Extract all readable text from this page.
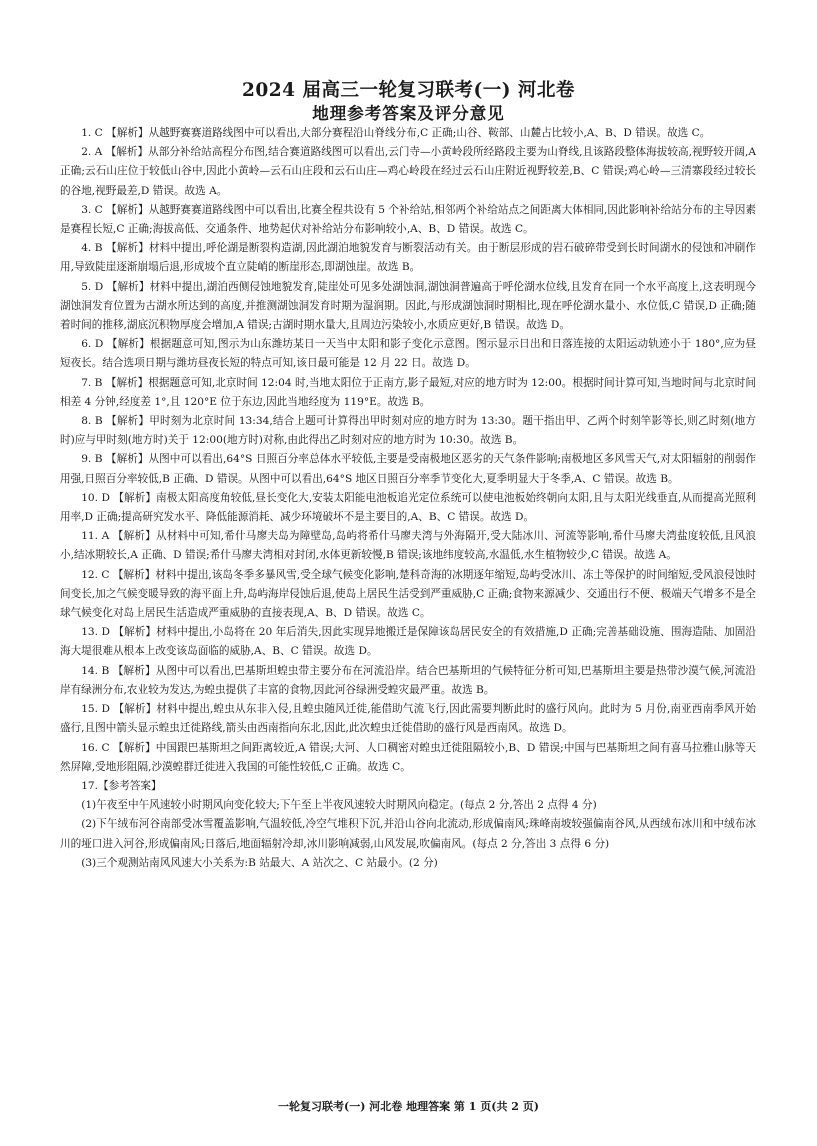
2024 届高三一轮复习联考(一) 河北卷
地理参考答案及评分意见

1. C 【解析】从越野赛赛道路线图中可以看出,大部分赛程沿山脊线分布,C 正确;山谷、鞍部、山麓占比较小,A、B、D 错误。故选 C。

2. A 【解析】从部分补给站高程分布图,结合赛道路线图可以看出,云门寺—小黄岭段所经路段主要为山脊线,且该路段整体海拔较高,视野较开阔,A 正确;云石山庄位于较低山谷中,因此小黄岭—云石山庄段和云石山庄—鸡心岭段在经过云石山庄附近视野较差,B、C 错误;鸡心岭—三清寨段经过较长的谷地,视野最差,D 错误。故选 A。

3. C 【解析】从越野赛赛道路线图中可以看出,比赛全程共设有 5 个补给站,相邻两个补给站点之间距离大体相同,因此影响补给站分布的主导因素是赛程长短,C 正确;海拔高低、交通条件、地势起伏对补给站分布影响较小,A、B、D 错误。故选 C。

4. B 【解析】材料中提出,呼伦湖是断裂构造湖,因此湖泊地貌发育与断裂活动有关。由于断层形成的岩石破碎带受到长时间湖水的侵蚀和冲刷作用,导致陡崖逐渐崩塌后退,形成坡个直立陡峭的断崖形态,即湖蚀崖。故选 B。

5. D 【解析】材料中提出,湖泊西侧侵蚀地貌发育,陡崖处可见多处湖蚀洞,湖蚀洞普遍高于呼伦湖水位线,且发育在同一个水平高度上,这表明现今湖蚀洞发育位置为古湖水所达到的高度,并推测湖蚀洞发育时期为湿润期。因此,与形成湖蚀洞时期相比,现在呼伦湖水量小、水位低,C 错误,D 正确;随着时间的推移,湖底沉积物厚度会增加,A 错误;古湖时期水量大,且周边污染较小,水质应更好,B 错误。故选 D。

6. D 【解析】根据题意可知,图示为山东潍坊某日一天当中太阳和影子变化示意图。图示显示日出和日落连接的太阳运动轨迹小于 180°,应为昼短夜长。结合选项日期与潍坊昼夜长短的特点可知,该日最可能是 12 月 22 日。故选 D。

7. B 【解析】根据题意可知,北京时间 12:04 时,当地太阳位于正南方,影子最短,对应的地方时为 12:00。根据时间计算可知,当地时间与北京时间相差 4 分钟,经度差 1°,且 120°E 位于东边,因此当地经度为 119°E。故选 B。

8. B 【解析】甲时刻为北京时间 13:34,结合上题可计算得出甲时刻对应的地方时为 13:30。题干指出甲、乙两个时刻竿影等长,则乙时刻(地方时)应与甲时刻(地方时)关于 12:00(地方时)对称,由此得出乙时刻对应的地方时为 10:30。故选 B。

9. B 【解析】从图中可以看出,64°S 日照百分率总体水平较低,主要是受南极地区恶劣的天气条件影响;南极地区多风雪天气,对太阳辐射的削弱作用强,日照百分率较低,B 正确、D 错误。从图中可以看出,64°S 地区日照百分率季节变化大,夏季明显大于冬季,A、C 错误。故选 B。

10. D 【解析】南极太阳高度角较低,昼长变化大,安装太阳能电池板追光定位系统可以使电池板始终朝向太阳,且与太阳光线垂直,从而提高光照利用率,D 正确;提高研究发水平、降低能源消耗、减少环境破坏不是主要目的,A、B、C 错误。故选 D。

11. A 【解析】从材料中可知,希什马廖夫岛为障壁岛,岛屿将希什马廖夫湾与外海隔开,受大陆冰川、河流等影响,希什马廖夫湾盐度较低,且风浪小,结冰期较长,A 正确、D 错误;希什马廖夫湾相对封闭,水体更新较慢,B 错误;该地纬度较高,水温低,水生植物较少,C 错误。故选 A。

12. C 【解析】材料中提出,该岛冬季多暴风雪,受全球气候变化影响,楚科奇海的冰期逐年缩短,岛屿受冰川、冻土等保护的时间缩短,受风浪侵蚀时间变长,加之气候变暖导致的海平面上升,岛屿海岸侵蚀后退,使岛上居民生活受到严重威胁,C 正确;食物来源减少、交通出行不便、极端天气增多不是全球气候变化对岛上居民生活造成严重威胁的直接表现,A、B、D 错误。故选 C。

13. D 【解析】材料中提出,小岛将在 20 年后消失,因此实现异地搬迁是保障该岛居民安全的有效措施,D 正确;完善基础设施、围海造陆、加固沿海大堤很难从根本上改变该岛面临的威胁,A、B、C 错误。故选 D。

14. B 【解析】从图中可以看出,巴基斯坦蝗虫带主要分布在河流沿岸。结合巴基斯坦的气候特征分析可知,巴基斯坦主要是热带沙漠气候,河流沿岸有绿洲分布,农业较为发达,为蝗虫提供了丰富的食物,因此河谷绿洲受蝗灾最严重。故选 B。

15. D 【解析】材料中提出,蝗虫从东非入侵,且蝗虫随风迁徙,能借助气流飞行,因此需要判断此时的盛行风向。此时为 5 月份,南亚西南季风开始盛行,且图中箭头显示蝗虫迁徙路线,箭头由西南指向东北,因此,此次蝗虫迁徙借助的盛行风是西南风。故选 D。

16. C 【解析】中国跟巴基斯坦之间距离较近,A 错误;大河、人口稠密对蝗虫迁徙阻隔较小,B、D 错误;中国与巴基斯坦之间有喜马拉雅山脉等天然屏障,受地形阻隔,沙漠蝗群迁徙进入我国的可能性较低,C 正确。故选 C。

17.【参考答案】

(1)午夜至中午风速较小时期风向变化较大;下午至上半夜风速较大时期风向稳定。(每点 2 分,答出 2 点得 4 分)

(2)下午绒布河谷南部受冰雪覆盖影响,气温较低,冷空气堆积下沉,并沿山谷向北流动,形成偏南风;珠峰南坡较强偏南谷风,从西绒布冰川和中绒布冰川的垭口进入河谷,形成偏南风;日落后,地面辐射冷却,冰川影响减弱,山风发展,吹偏南风。(每点 2 分,答出 3 点得 6 分)

(3)三个观测站南风风速大小关系为:B 站最大、A 站次之、C 站最小。(2 分)

一轮复习联考(一) 河北卷 地理答案 第 1 页(共 2 页)
